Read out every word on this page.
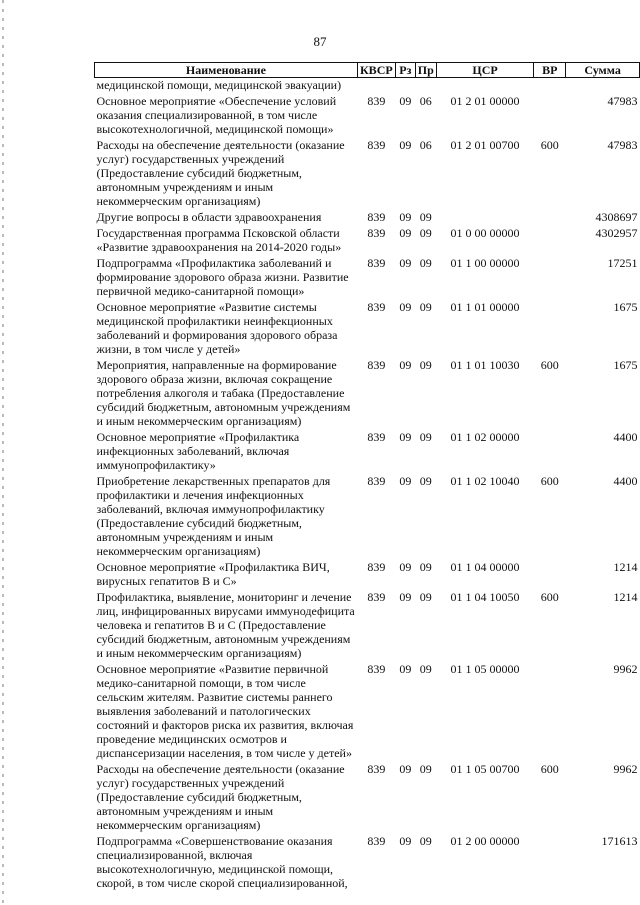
87
Наименование	КВСР	Рз	Пр	ЦСР	ВР	Сумма
медицинской помощи, медицинской эвакуации)						
Основное мероприятие «Обеспечение условий оказания специализированной, в том числе высокотехнологичной, медицинской помощи»	839	09	06	01 2 01 00000		47983
Расходы на обеспечение деятельности (оказание услуг) государственных учреждений (Предоставление субсидий бюджетным, автономным учреждениям и иным некоммерческим организациям)	839	09	06	01 2 01 00700	600	47983
Другие вопросы в области здравоохранения	839	09	09			4308697
Государственная программа Псковской области «Развитие здравоохранения на 2014-2020 годы»	839	09	09	01 0 00 00000		4302957
Подпрограмма «Профилактика заболеваний и формирование здорового образа жизни. Развитие первичной медико-санитарной помощи»	839	09	09	01 1 00 00000		17251
Основное мероприятие «Развитие системы медицинской профилактики неинфекционных заболеваний и формирования здорового образа жизни, в том числе у детей»	839	09	09	01 1 01 00000		1675
Мероприятия, направленные на формирование здорового образа жизни, включая сокращение потребления алкоголя и табака (Предоставление субсидий бюджетным, автономным учреждениям и иным некоммерческим организациям)	839	09	09	01 1 01 10030	600	1675
Основное мероприятие «Профилактика инфекционных заболеваний, включая иммунопрофилактику»	839	09	09	01 1 02 00000		4400
Приобретение лекарственных препаратов для профилактики и лечения инфекционных заболеваний, включая иммунопрофилактику (Предоставление субсидий бюджетным, автономным учреждениям и иным некоммерческим организациям)	839	09	09	01 1 02 10040	600	4400
Основное мероприятие «Профилактика ВИЧ, вирусных гепатитов В и С»	839	09	09	01 1 04 00000		1214
Профилактика, выявление, мониторинг и лечение лиц, инфицированных вирусами иммунодефицита человека и гепатитов В и С (Предоставление субсидий бюджетным, автономным учреждениям и иным некоммерческим организациям)	839	09	09	01 1 04 10050	600	1214
Основное мероприятие «Развитие первичной медико-санитарной помощи, в том числе сельским жителям. Развитие системы раннего выявления заболеваний и патологических состояний и факторов риска их развития, включая проведение медицинских осмотров и диспансеризации населения, в том числе у детей»	839	09	09	01 1 05 00000		9962
Расходы на обеспечение деятельности (оказание услуг) государственных учреждений (Предоставление субсидий бюджетным, автономным учреждениям и иным некоммерческим организациям)	839	09	09	01 1 05 00700	600	9962
Подпрограмма «Совершенствование оказания специализированной, включая высокотехнологичную, медицинской помощи, скорой, в том числе скорой специализированной,	839	09	09	01 2 00 00000		171613
